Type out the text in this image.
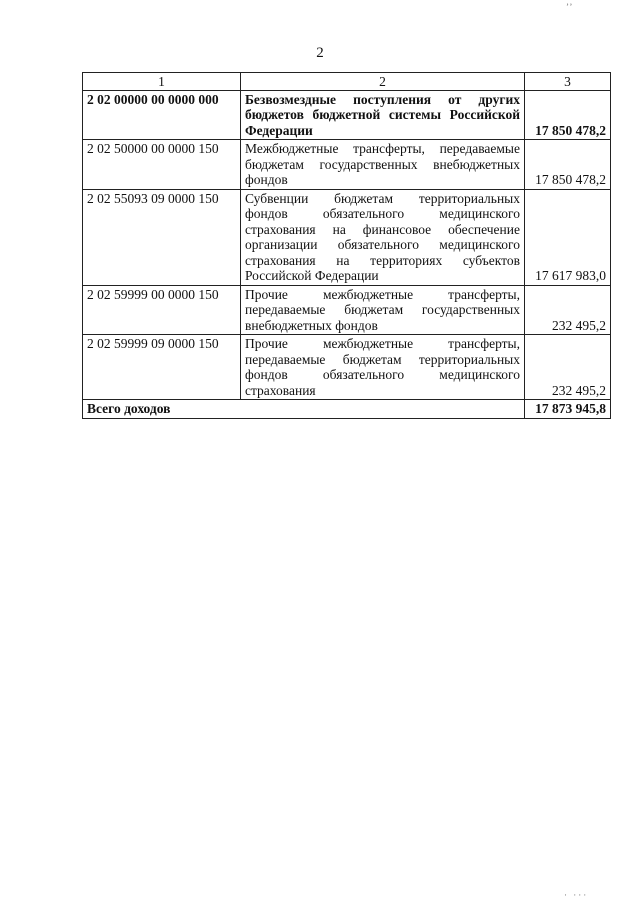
’’
2
1	2	3
2 02 00000 00 0000 000	Безвозмездные поступления от других бюджетов бюджетной системы Российской Федерации	17 850 478,2
2 02 50000 00 0000 150	Межбюджетные трансферты, передаваемые бюджетам государственных внебюджетных фондов	17 850 478,2
2 02 55093 09 0000 150	Субвенции бюджетам территориальных фондов обязательного медицинского страхования на финансовое обеспечение организации обязательного медицинского страхования на территориях субъектов Российской Федерации	17 617 983,0
2 02 59999 00 0000 150	Прочие межбюджетные трансферты, передаваемые бюджетам государственных внебюджетных фондов	232 495,2
2 02 59999 09 0000 150	Прочие межбюджетные трансферты, передаваемые бюджетам территориальных фондов обязательного медицинского страхования	232 495,2
Всего доходов		17 873 945,8
· ···
